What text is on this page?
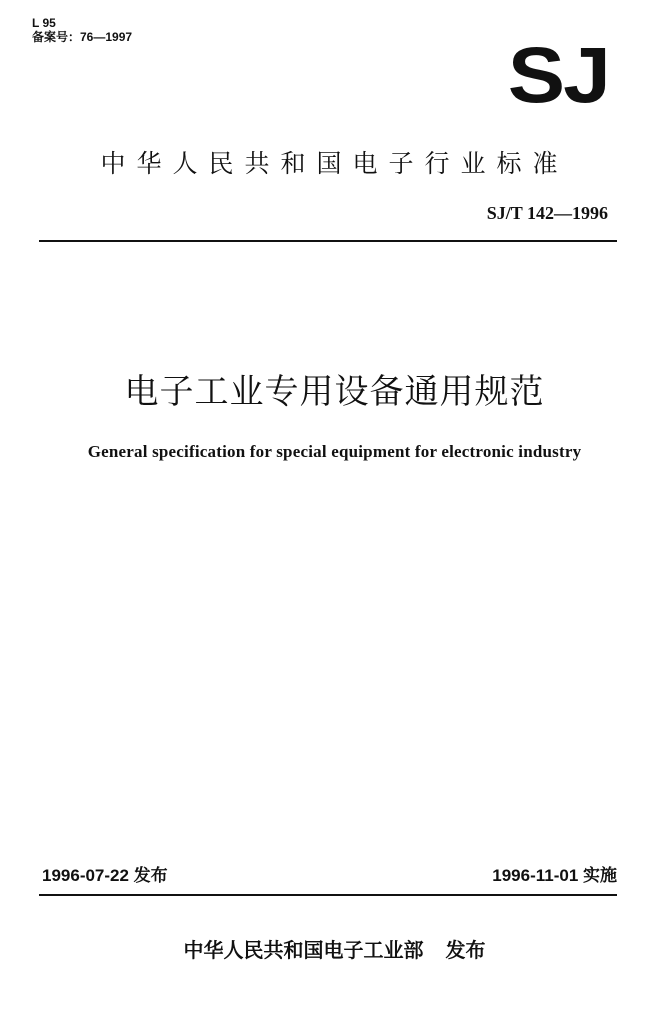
L 95
备案号：76—1997	SJ
中华人民共和国电子行业标准
SJ/T 142—1996
电子工业专用设备通用规范
General specification for special equipment for electronic industry
1996-07-22 发布	1996-11-01 实施
中华人民共和国电子工业部 发布
